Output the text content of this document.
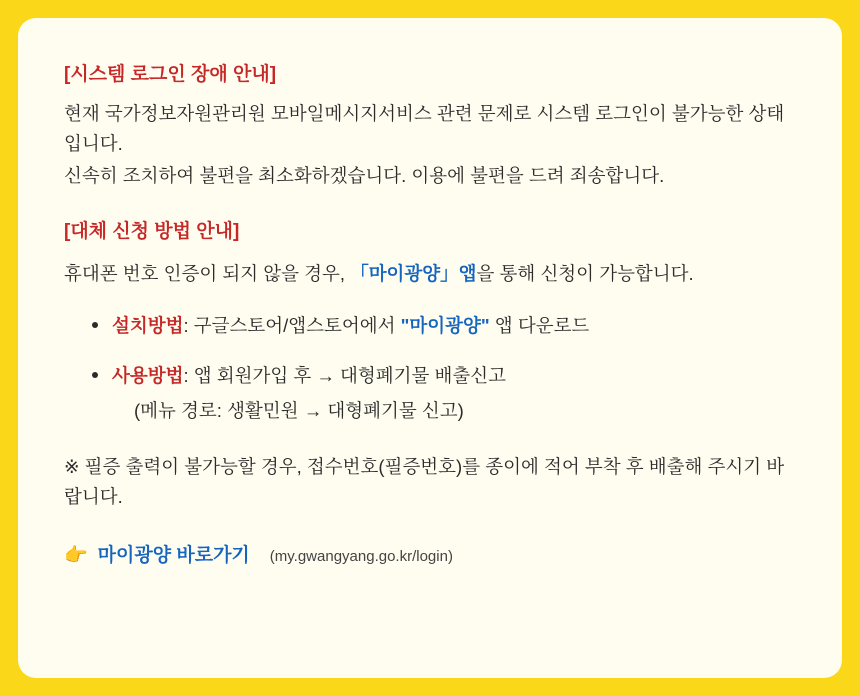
[시스템 로그인 장애 안내]

현재 국가정보자원관리원 모바일메시지서비스 관련 문제로 시스템 로그인이 불가능한 상태입니다.

신속히 조치하여 불편을 최소화하겠습니다. 이용에 불편을 드려 죄송합니다.

[대체 신청 방법 안내]

휴대폰 번호 인증이 되지 않을 경우, 「마이광양」앱을 통해 신청이 가능합니다.

설치방법: 구글스토어/앱스토어에서 "마이광양" 앱 다운로드
사용방법: 앱 회원가입 후 → 대형폐기물 배출신고
(메뉴 경로: 생활민원 → 대형폐기물 신고)

※ 필증 출력이 불가능할 경우, 접수번호(필증번호)를 종이에 적어 부착 후 배출해 주시기 바랍니다.

👉 마이광양 바로가기 (my.gwangyang.go.kr/login)
